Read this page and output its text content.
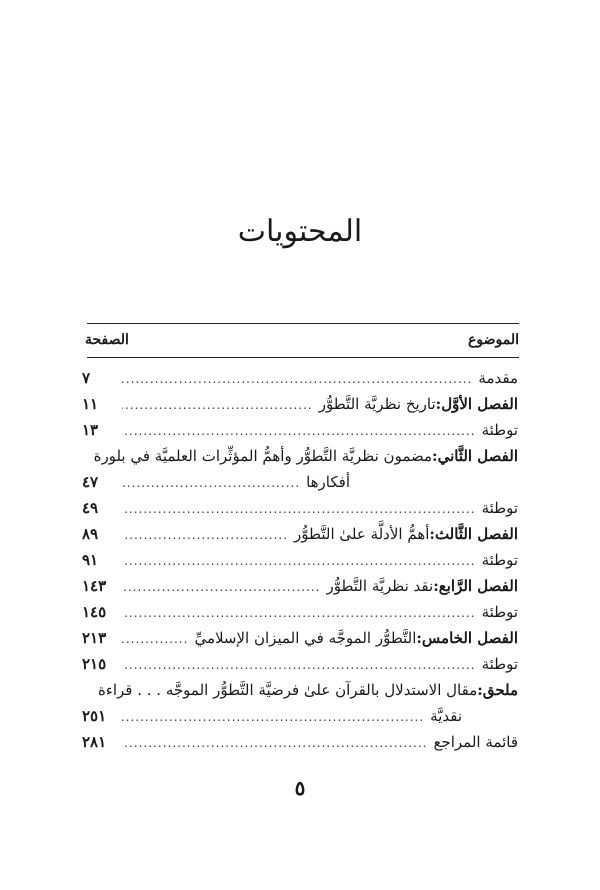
المحتويات
الموضوع
الصفحة
مقدمة
.....
٧
الفصل الأوَّل:
تاريخ نظريَّة التَّطوُّر
.....
١١
توطئة
.....
١٣
الفصل الثَّاني:
مضمون نظريَّة التَّطوُّر وأهمُّ المؤثِّرات العلميَّة في بلورة
أفكارها
.....
٤٧
توطئة
.....
٤٩
الفصل الثَّالث:
أهمُّ الأدلَّة علىٰ التَّطوُّر
.....
٨٩
توطئة
.....
٩١
الفصل الرَّابع:
نقد نظريَّة التَّطوُّر
.....
١٤٣
توطئة
.....
١٤٥
الفصل الخامس:
التَّطوُّر الموجَّه في الميزان الإسلاميِّ
.....
٢١٣
توطئة
.....
٢١٥
ملحق:
مقال الاستدلال بالقرآن علىٰ فرضيَّة التَّطوُّر الموجَّه . . . قراءة
نقديَّة
.....
٢٥١
قائمة المراجع
.....
٢٨١
٥
